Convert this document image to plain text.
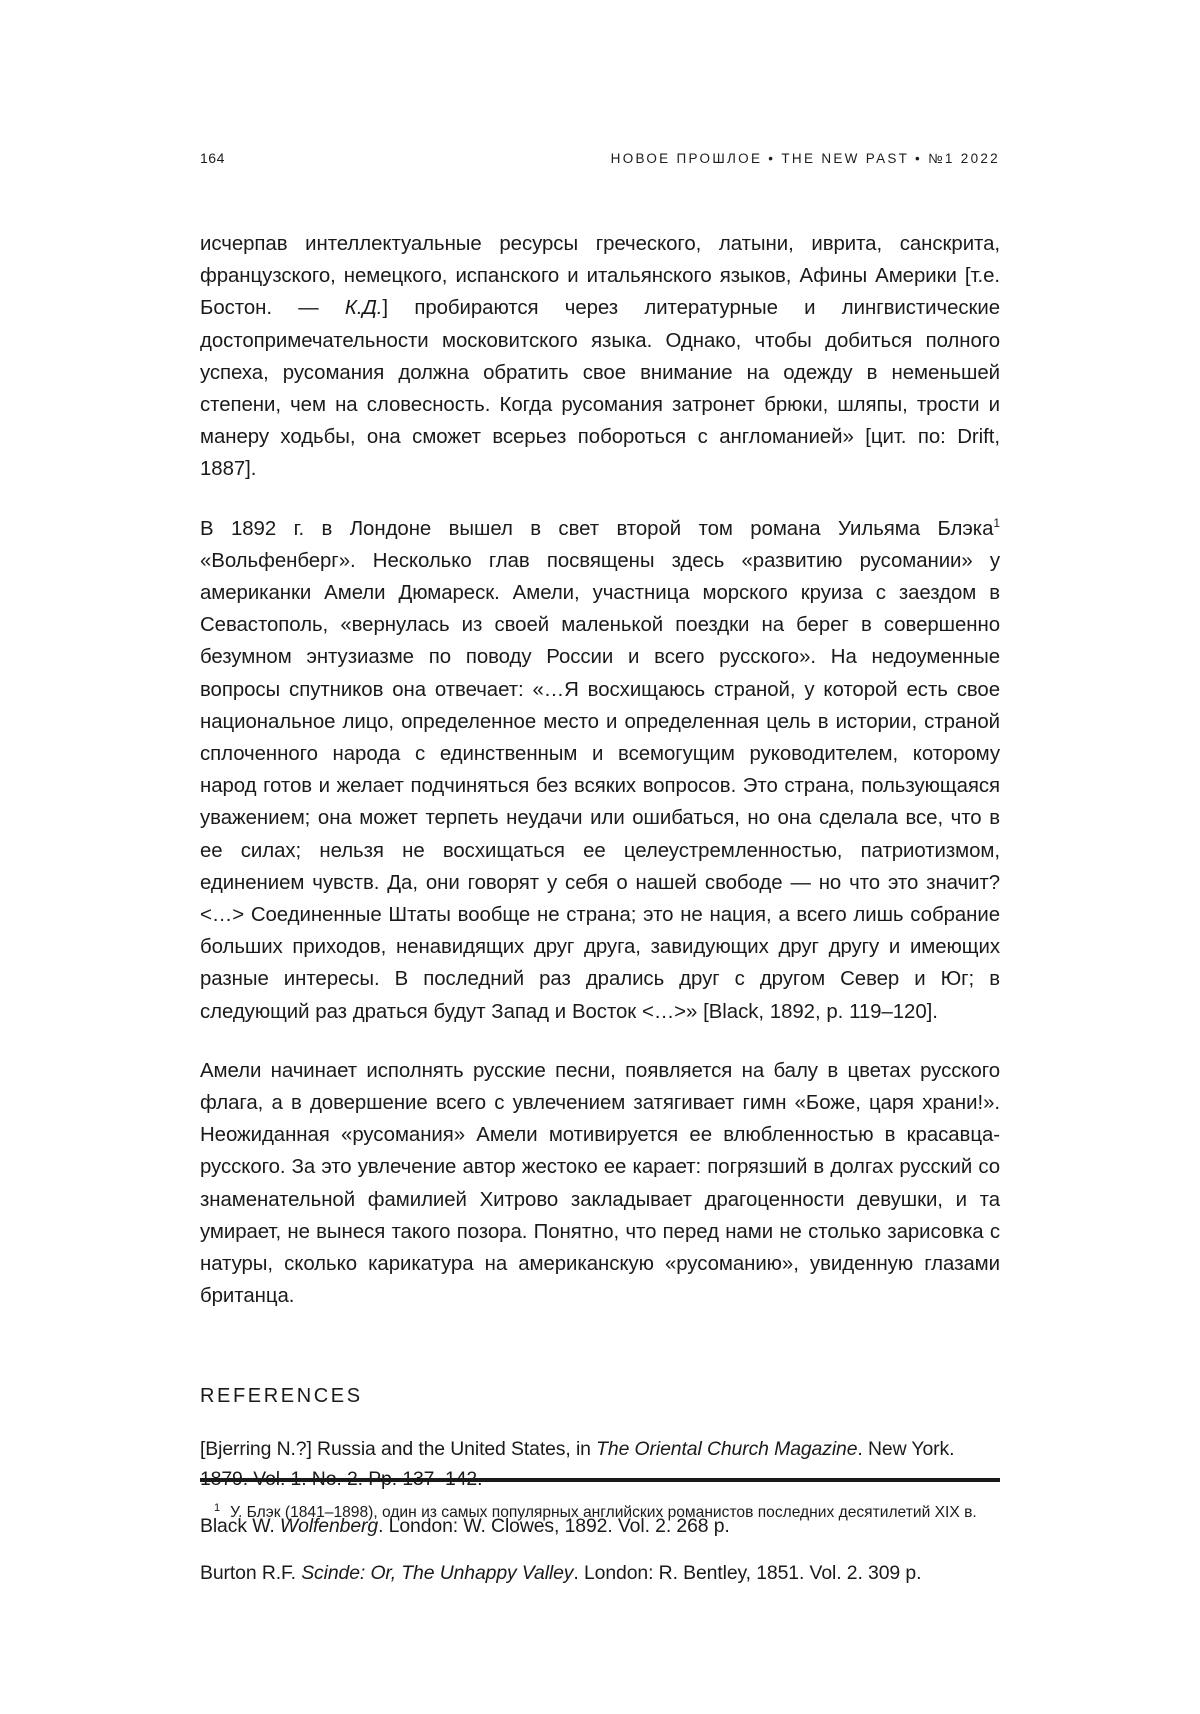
164	НОВОЕ ПРОШЛОЕ • THE NEW PAST • №1 2022

исчерпав интеллектуальные ресурсы греческого, латыни, иврита, санскрита, французского, немецкого, испанского и итальянского языков, Афины Америки [т.е. Бостон. — К.Д.] пробираются через литературные и лингвистические достопримечательности московитского языка. Однако, чтобы добиться полного успеха, русомания должна обратить свое внимание на одежду в неменьшей степени, чем на словесность. Когда русомания затронет брюки, шляпы, трости и манеру ходьбы, она сможет всерьез побороться с англоманией» [цит. по: Drift, 1887].

В 1892 г. в Лондоне вышел в свет второй том романа Уильяма Блэка$^1$ «Вольфенберг». Несколько глав посвящены здесь «развитию русомании» у американки Амели Дюмареск. Амели, участница морского круиза с заездом в Севастополь, «вернулась из своей маленькой поездки на берег в совершенно безумном энтузиазме по поводу России и всего русского». На недоуменные вопросы спутников она отвечает: «…Я восхищаюсь страной, у которой есть свое национальное лицо, определенное место и определенная цель в истории, страной сплоченного народа с единственным и всемогущим руководителем, которому народ готов и желает подчиняться без всяких вопросов. Это страна, пользующаяся уважением; она может терпеть неудачи или ошибаться, но она сделала все, что в ее силах; нельзя не восхищаться ее целеустремленностью, патриотизмом, единением чувств. Да, они говорят у себя о нашей свободе — но что это значит? <…> Соединенные Штаты вообще не страна; это не нация, а всего лишь собрание больших приходов, ненавидящих друг друга, завидующих друг другу и имеющих разные интересы. В последний раз дрались друг с другом Север и Юг; в следующий раз драться будут Запад и Восток <…>» [Black, 1892, p. 119–120].

Амели начинает исполнять русские песни, появляется на балу в цветах русского флага, а в довершение всего с увлечением затягивает гимн «Боже, царя храни!». Неожиданная «русомания» Амели мотивируется ее влюбленностью в красавца-русского. За это увлечение автор жестоко ее карает: погрязший в долгах русский со знаменательной фамилией Хитрово закладывает драгоценности девушки, и та умирает, не вынеся такого позора. Понятно, что перед нами не столько зарисовка с натуры, сколько карикатура на американскую «русоманию», увиденную глазами британца.

REFERENCES
[Bjerring N.?] Russia and the United States, in The Oriental Church Magazine. New York.
Black W. Wolfenberg. London: W. Clowes, 1892. Vol. 2. 268 p.
Burton R.F. Scinde: Or, The Unhappy Valley. London: R. Bentley, 1851. Vol. 2. 309 p.
$^1$ У. Блэк (1841–1898), один из самых популярных английских романистов последних десятилетий XIX в.
